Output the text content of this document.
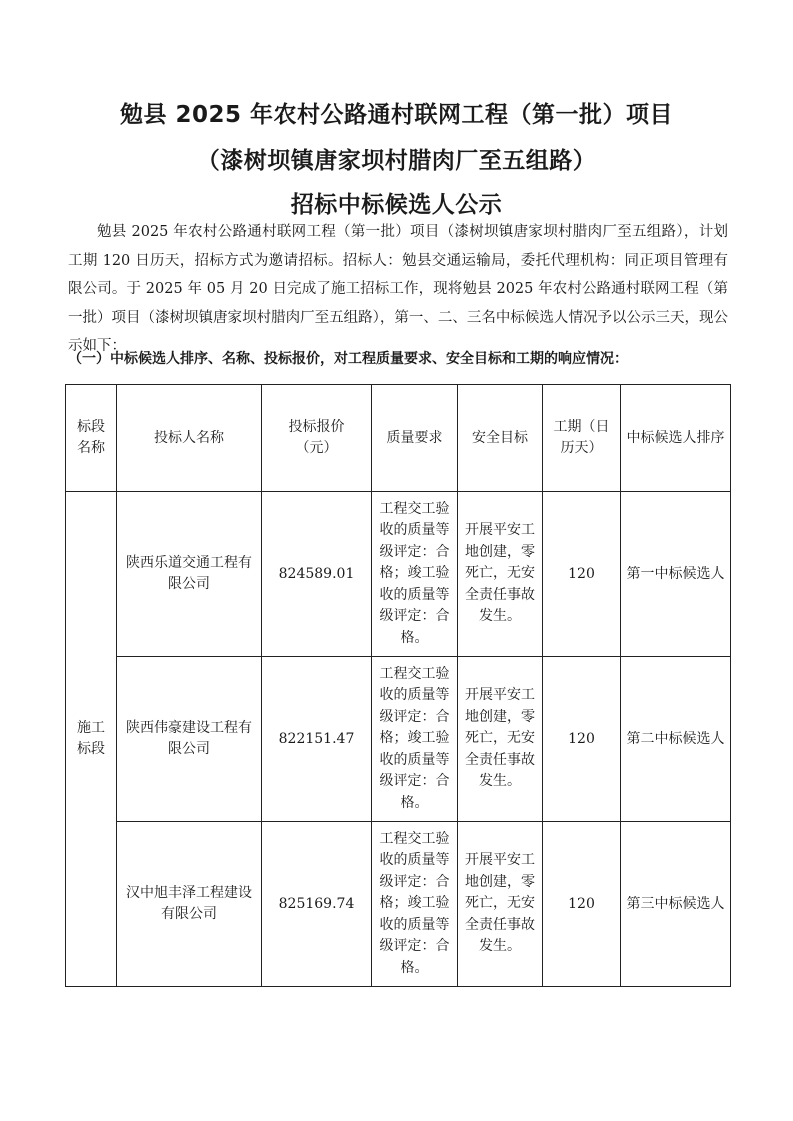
勉县 2025 年农村公路通村联网工程（第一批）项目
（漆树坝镇唐家坝村腊肉厂至五组路）
招标中标候选人公示
勉县 2025 年农村公路通村联网工程（第一批）项目（漆树坝镇唐家坝村腊肉厂至五组路），计划工期 120 日历天，招标方式为邀请招标。招标人：勉县交通运输局，委托代理机构：同正项目管理有限公司。于 2025 年 05 月 20 日完成了施工招标工作，现将勉县 2025 年农村公路通村联网工程（第一批）项目（漆树坝镇唐家坝村腊肉厂至五组路），第一、二、三名中标候选人情况予以公示三天，现公示如下：
（一）中标候选人排序、名称、投标报价，对工程质量要求、安全目标和工期的响应情况：
标段名称	投标人名称	投标报价（元）	质量要求	安全目标	工期（日历天）	中标候选人排序
施工标段	陕西乐道交通工程有限公司	824589.01	工程交工验收的质量等级评定：合格；竣工验收的质量等级评定：合格。	开展平安工地创建，零死亡，无安全责任事故发生。	120	第一中标候选人
	陕西伟豪建设工程有限公司	822151.47	工程交工验收的质量等级评定：合格；竣工验收的质量等级评定：合格。	开展平安工地创建，零死亡，无安全责任事故发生。	120	第二中标候选人
	汉中旭丰泽工程建设有限公司	825169.74	工程交工验收的质量等级评定：合格；竣工验收的质量等级评定：合格。	开展平安工地创建，零死亡，无安全责任事故发生。	120	第三中标候选人
